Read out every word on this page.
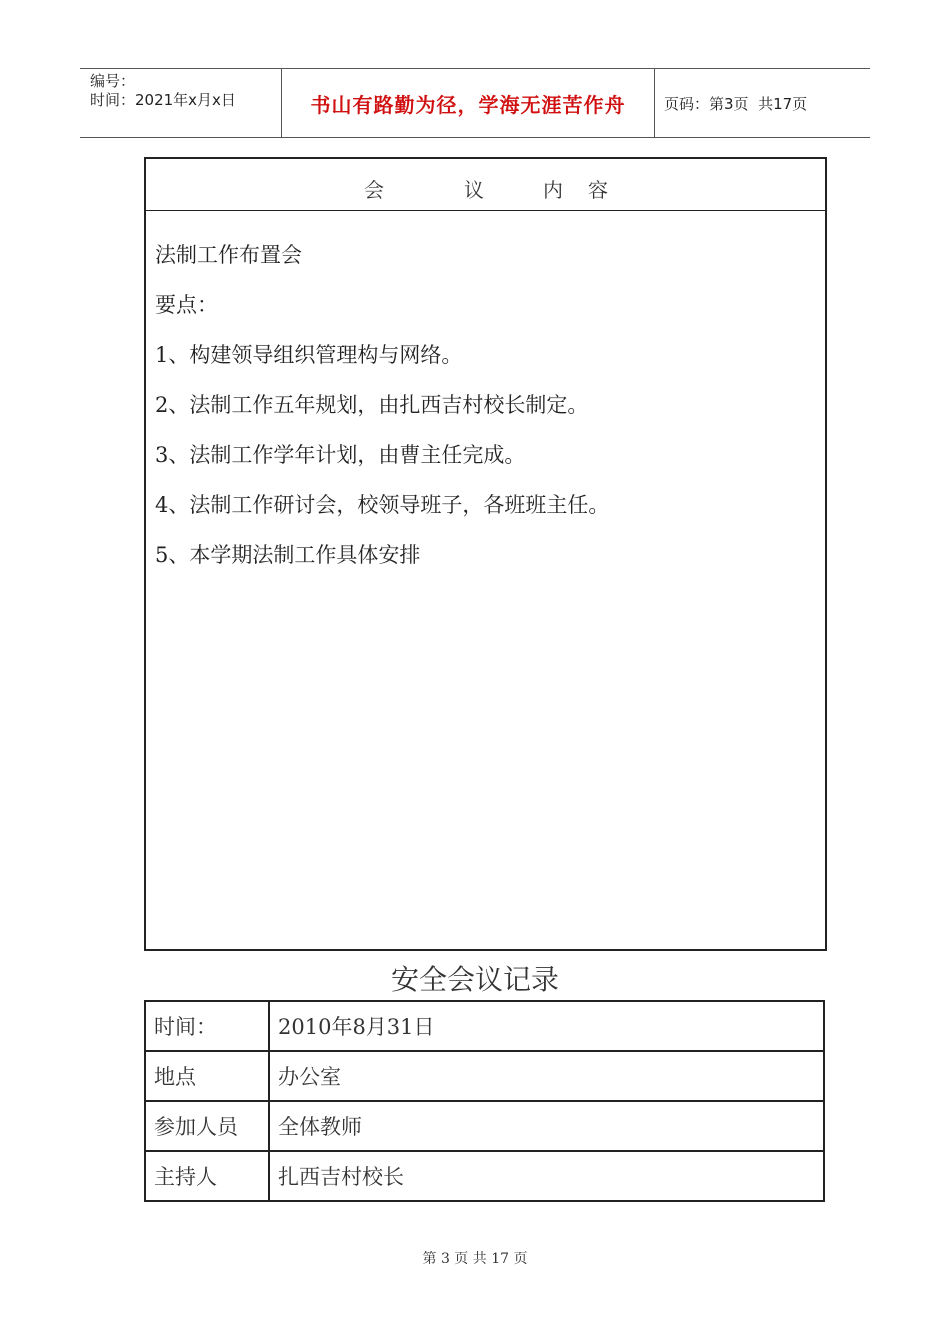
编号：
时间：2021年x月x日	书山有路勤为径，学海无涯苦作舟	页码：第3页  共17页
会	议	内 容
法制工作布置会
要点：
1、构建领导组织管理构与网络。
2、法制工作五年规划，由扎西吉村校长制定。
3、法制工作学年计划，由曹主任完成。
4、法制工作研讨会，校领导班子，各班班主任。
5、本学期法制工作具体安排
安全会议记录
时间：	2010年8月31日
地点	办公室
参加人员	全体教师
主持人	扎西吉村校长
第 3 页 共 17 页
